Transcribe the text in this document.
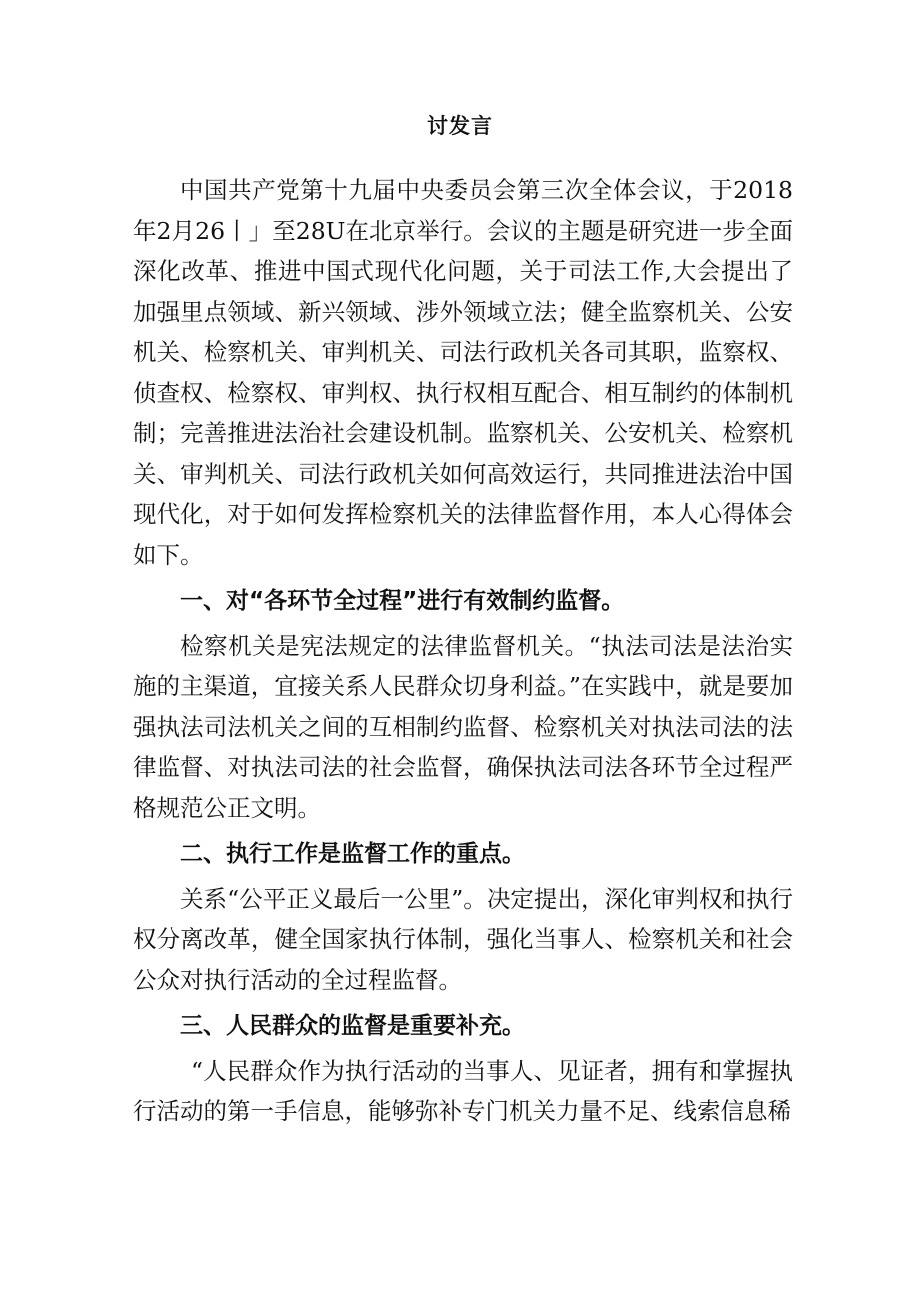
讨发言

中国共产党第十九届中央委员会第三次全体会议，于2018年2月26丨」至28U在北京举行。会议的主题是研究进一步全面深化改革、推进中国式现代化问题，关于司法工作,大会提出了加强里点领域、新兴领域、涉外领域立法；健全监察机关、公安机关、检察机关、审判机关、司法行政机关各司其职，监察权、侦查权、检察权、审判权、执行权相互配合、相互制约的体制机制；完善推进法治社会建设机制。监察机关、公安机关、检察机关、审判机关、司法行政机关如何高效运行，共同推进法治中国现代化，对于如何发挥检察机关的法律监督作用，本人心得体会如下。

一、对“各环节全过程”进行有效制约监督。

检察机关是宪法规定的法律监督机关。“执法司法是法治实施的主渠道，宜接关系人民群众切身利益。”在实践中，就是要加强执法司法机关之间的互相制约监督、检察机关对执法司法的法律监督、对执法司法的社会监督，确保执法司法各环节全过程严格规范公正文明。

二、执行工作是监督工作的重点。

关系“公平正义最后一公里”。决定提出，深化审判权和执行权分离改革，健全国家执行体制，强化当事人、检察机关和社会公众对执行活动的全过程监督。

三、人民群众的监督是重要补充。

“人民群众作为执行活动的当事人、见证者，拥有和掌握执行活动的第一手信息，能够弥补专门机关力量不足、线索信息稀
